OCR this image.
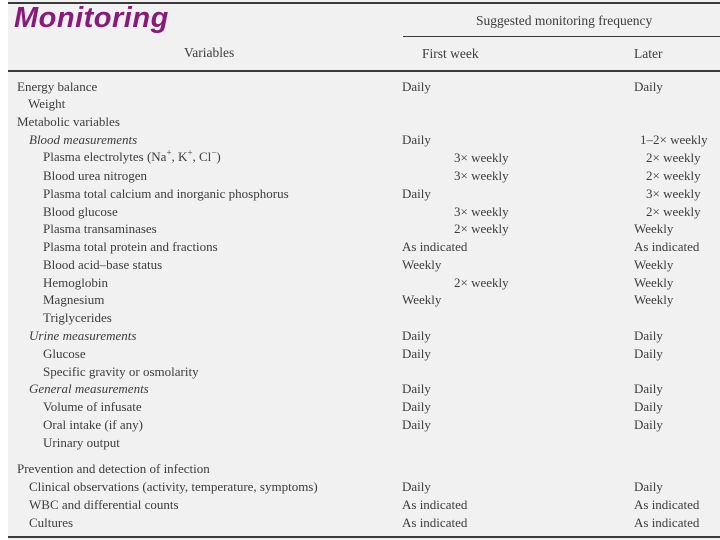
Suggested monitoring frequency
Variables	First week	Later
Energy balance	Daily	Daily
Weight
Metabolic variables
Blood measurements	Daily	1–2× weekly
Plasma electrolytes (Na+, K+, Cl−)	3× weekly	2× weekly
Blood urea nitrogen	3× weekly	2× weekly
Plasma total calcium and inorganic phosphorus	Daily	3× weekly
Blood glucose	3× weekly	2× weekly
Plasma transaminases	2× weekly	Weekly
Plasma total protein and fractions	As indicated	As indicated
Blood acid–base status	Weekly	Weekly
Hemoglobin	2× weekly	Weekly
Magnesium	Weekly	Weekly
Triglycerides
Urine measurements	Daily	Daily
Glucose	Daily	Daily
Specific gravity or osmolarity
General measurements	Daily	Daily
Volume of infusate	Daily	Daily
Oral intake (if any)	Daily	Daily
Urinary output
Prevention and detection of infection
Clinical observations (activity, temperature, symptoms)	Daily	Daily
WBC and differential counts	As indicated	As indicated
Cultures	As indicated	As indicated
Monitoring
